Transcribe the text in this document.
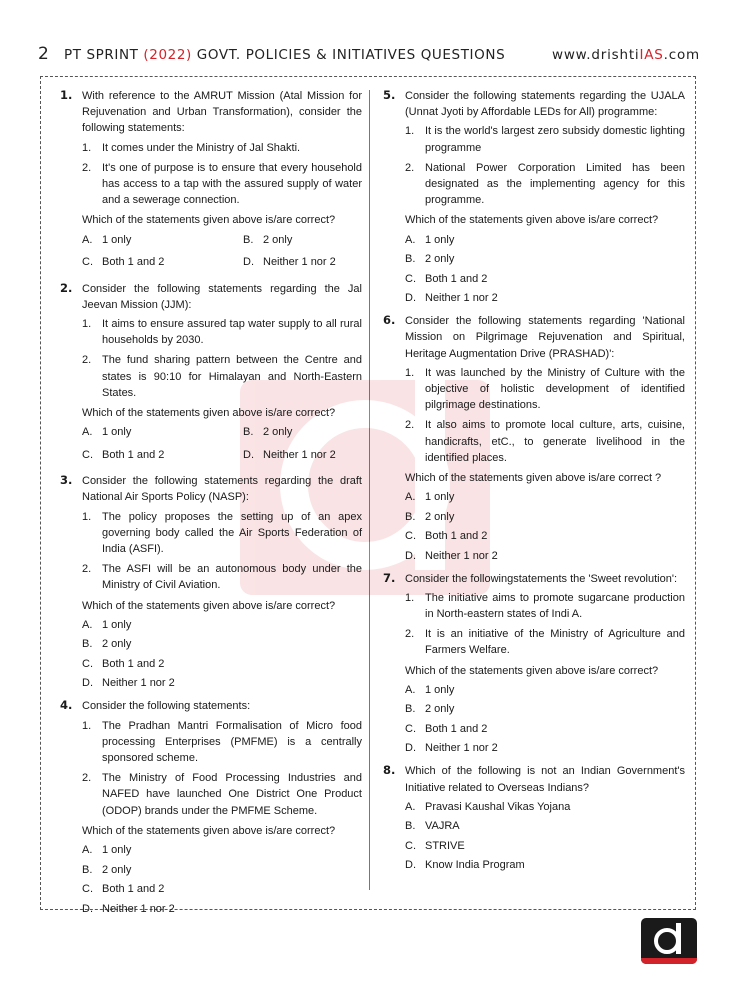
2 PT SPRINT (2022) GOVT. POLICIES & INITIATIVES QUESTIONS	www.drishtiIAS.com
1. With reference to the AMRUT Mission (Atal Mission for Rejuvenation and Urban Transformation), consider the following statements:
1. It comes under the Ministry of Jal Shakti.
2. It's one of purpose is to ensure that every household has access to a tap with the assured supply of water and a sewerage connection.
Which of the statements given above is/are correct?
A. 1 only	B. 2 only
C. Both 1 and 2	D. Neither 1 nor 2
2. Consider the following statements regarding the Jal Jeevan Mission (JJM):
1. It aims to ensure assured tap water supply to all rural households by 2030.
2. The fund sharing pattern between the Centre and states is 90:10 for Himalayan and North-Eastern States.
Which of the statements given above is/are correct?
A. 1 only	B. 2 only
C. Both 1 and 2	D. Neither 1 nor 2
3. Consider the following statements regarding the draft National Air Sports Policy (NASP):
1. The policy proposes the setting up of an apex governing body called the Air Sports Federation of India (ASFI).
2. The ASFI will be an autonomous body under the Ministry of Civil Aviation.
Which of the statements given above is/are correct?
A. 1 only
B. 2 only
C. Both 1 and 2
D. Neither 1 nor 2
4. Consider the following statements:
1. The Pradhan Mantri Formalisation of Micro food processing Enterprises (PMFME) is a centrally sponsored scheme.
2. The Ministry of Food Processing Industries and NAFED have launched One District One Product (ODOP) brands under the PMFME Scheme.
Which of the statements given above is/are correct?
A. 1 only
B. 2 only
C. Both 1 and 2
D. Neither 1 nor 2
5. Consider the following statements regarding the UJALA (Unnat Jyoti by Affordable LEDs for All) programme:
1. It is the world's largest zero subsidy domestic lighting programme
2. National Power Corporation Limited has been designated as the implementing agency for this programme.
Which of the statements given above is/are correct?
A. 1 only
B. 2 only
C. Both 1 and 2
D. Neither 1 nor 2
6. Consider the following statements regarding 'National Mission on Pilgrimage Rejuvenation and Spiritual, Heritage Augmentation Drive (PRASHAD)':
1. It was launched by the Ministry of Culture with the objective of holistic development of identified pilgrimage destinations.
2. It also aims to promote local culture, arts, cuisine, handicrafts, etC., to generate livelihood in the identified places.
Which of the statements given above is/are correct ?
A. 1 only
B. 2 only
C. Both 1 and 2
D. Neither 1 nor 2
7. Consider the followingstatements the 'Sweet revolution':
1. The initiative aims to promote sugarcane production in North-eastern states of Indi A.
2. It is an initiative of the Ministry of Agriculture and Farmers Welfare.
Which of the statements given above is/are correct?
A. 1 only
B. 2 only
C. Both 1 and 2
D. Neither 1 nor 2
8. Which of the following is not an Indian Government's Initiative related to Overseas Indians?
A. Pravasi Kaushal Vikas Yojana
B. VAJRA
C. STRIVE
D. Know India Program
